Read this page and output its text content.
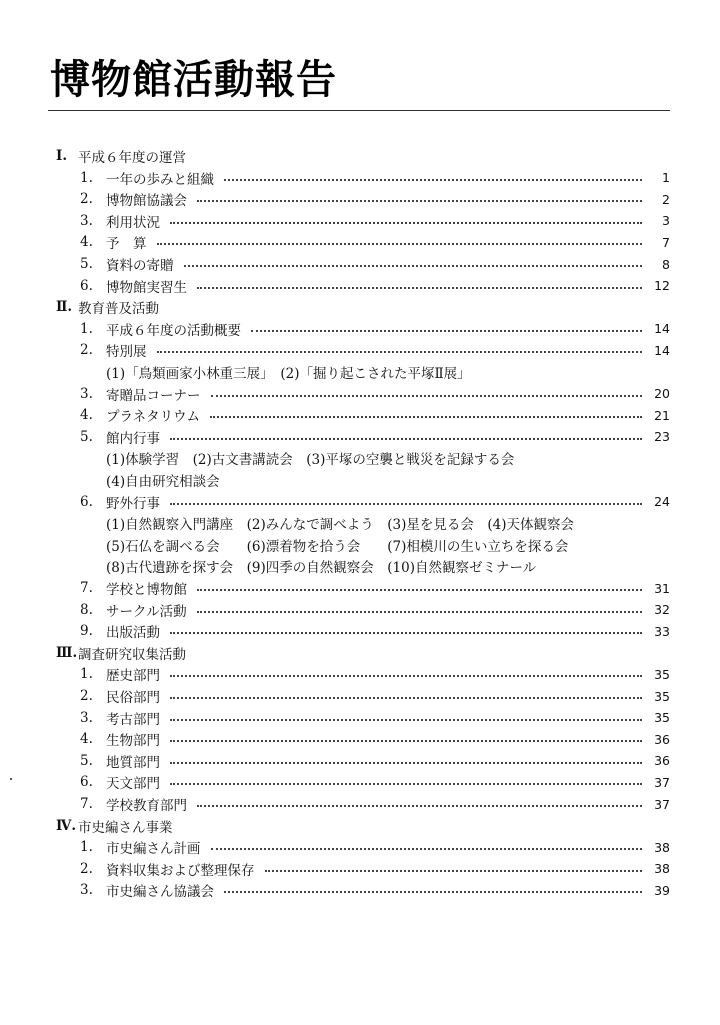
博物館活動報告
Ⅰ. 平成６年度の運営
1. 一年の歩みと組織	1
2. 博物館協議会	2
3. 利用状況	3
4. 予　算	7
5. 資料の寄贈	8
6. 博物館実習生	12
Ⅱ. 教育普及活動
1. 平成６年度の活動概要	14
2. 特別展	14
(1)「鳥類画家小林重三展」　(2)「掘り起こされた平塚Ⅱ展」
3. 寄贈品コーナー	20
4. プラネタリウム	21
5. 館内行事	23
(1)体験学習　(2)古文書講読会　(3)平塚の空襲と戦災を記録する会
(4)自由研究相談会
6. 野外行事	24
(1)自然観察入門講座　(2)みんなで調べよう　(3)星を見る会　(4)天体観察会
(5)石仏を調べる会　　(6)漂着物を拾う会　　(7)相模川の生い立ちを探る会
(8)古代遺跡を探す会　(9)四季の自然観察会　(10)自然観察ゼミナール
7. 学校と博物館	31
8. サークル活動	32
9. 出版活動	33
Ⅲ. 調査研究収集活動
1. 歴史部門	35
2. 民俗部門	35
3. 考古部門	35
4. 生物部門	36
5. 地質部門	36
6. 天文部門	37
7. 学校教育部門	37
Ⅳ. 市史編さん事業
1. 市史編さん計画	38
2. 資料収集および整理保存	38
3. 市史編さん協議会	39
